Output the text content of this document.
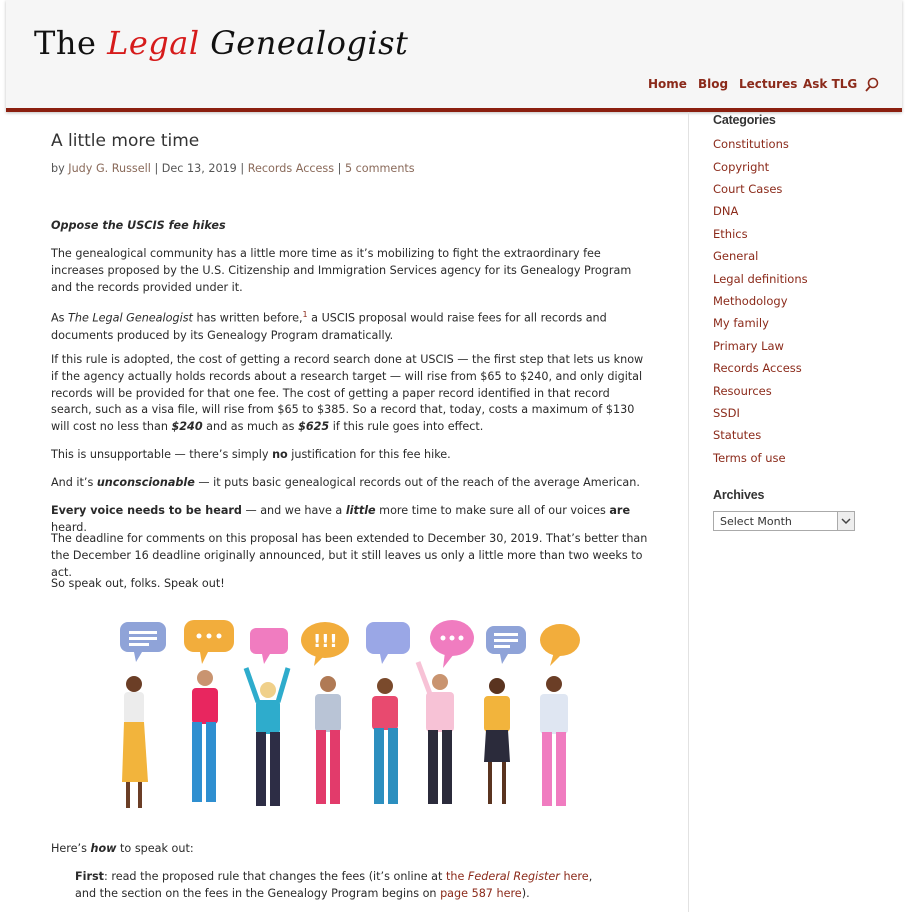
The Legal Genealogist
Home Blog Lectures Ask TLG
A little more time
by Judy G. Russell | Dec 13, 2019 | Records Access | 5 comments

Oppose the USCIS fee hikes

The genealogical community has a little more time as it’s mobilizing to fight the extraordinary fee increases proposed by the U.S. Citizenship and Immigration Services agency for its Genealogy Program and the records provided under it.

As The Legal Genealogist has written before,$^1$ a USCIS proposal would raise fees for all records and documents produced by its Genealogy Program dramatically.

If this rule is adopted, the cost of getting a record search done at USCIS — the first step that lets us know if the agency actually holds records about a research target — will rise from $65 to $240, and only digital records will be provided for that one fee. The cost of getting a paper record identified in that record search, such as a visa file, will rise from $65 to $385. So a record that, today, costs a maximum of $130 will cost no less than $240 and as much as $625 if this rule goes into effect.

This is unsupportable — there’s simply no justification for this fee hike.

And it’s unconscionable — it puts basic genealogical records out of the reach of the average American.

Every voice needs to be heard — and we have a little more time to make sure all of our voices are heard.

The deadline for comments on this proposal has been extended to December 30, 2019. That’s better than the December 16 deadline originally announced, but it still leaves us only a little more than two weeks to act.

So speak out, folks. Speak out!

Here’s how to speak out:

First: read the proposed rule that changes the fees (it’s online at the Federal Register here, and the section on the fees in the Genealogy Program begins on page 587 here).

!!!
Categories
Constitutions
Copyright
Court Cases
DNA
Ethics
General
Legal definitions
Methodology
My family
Primary Law
Records Access
Resources
SSDI
Statutes
Terms of use
Archives
Select Month
